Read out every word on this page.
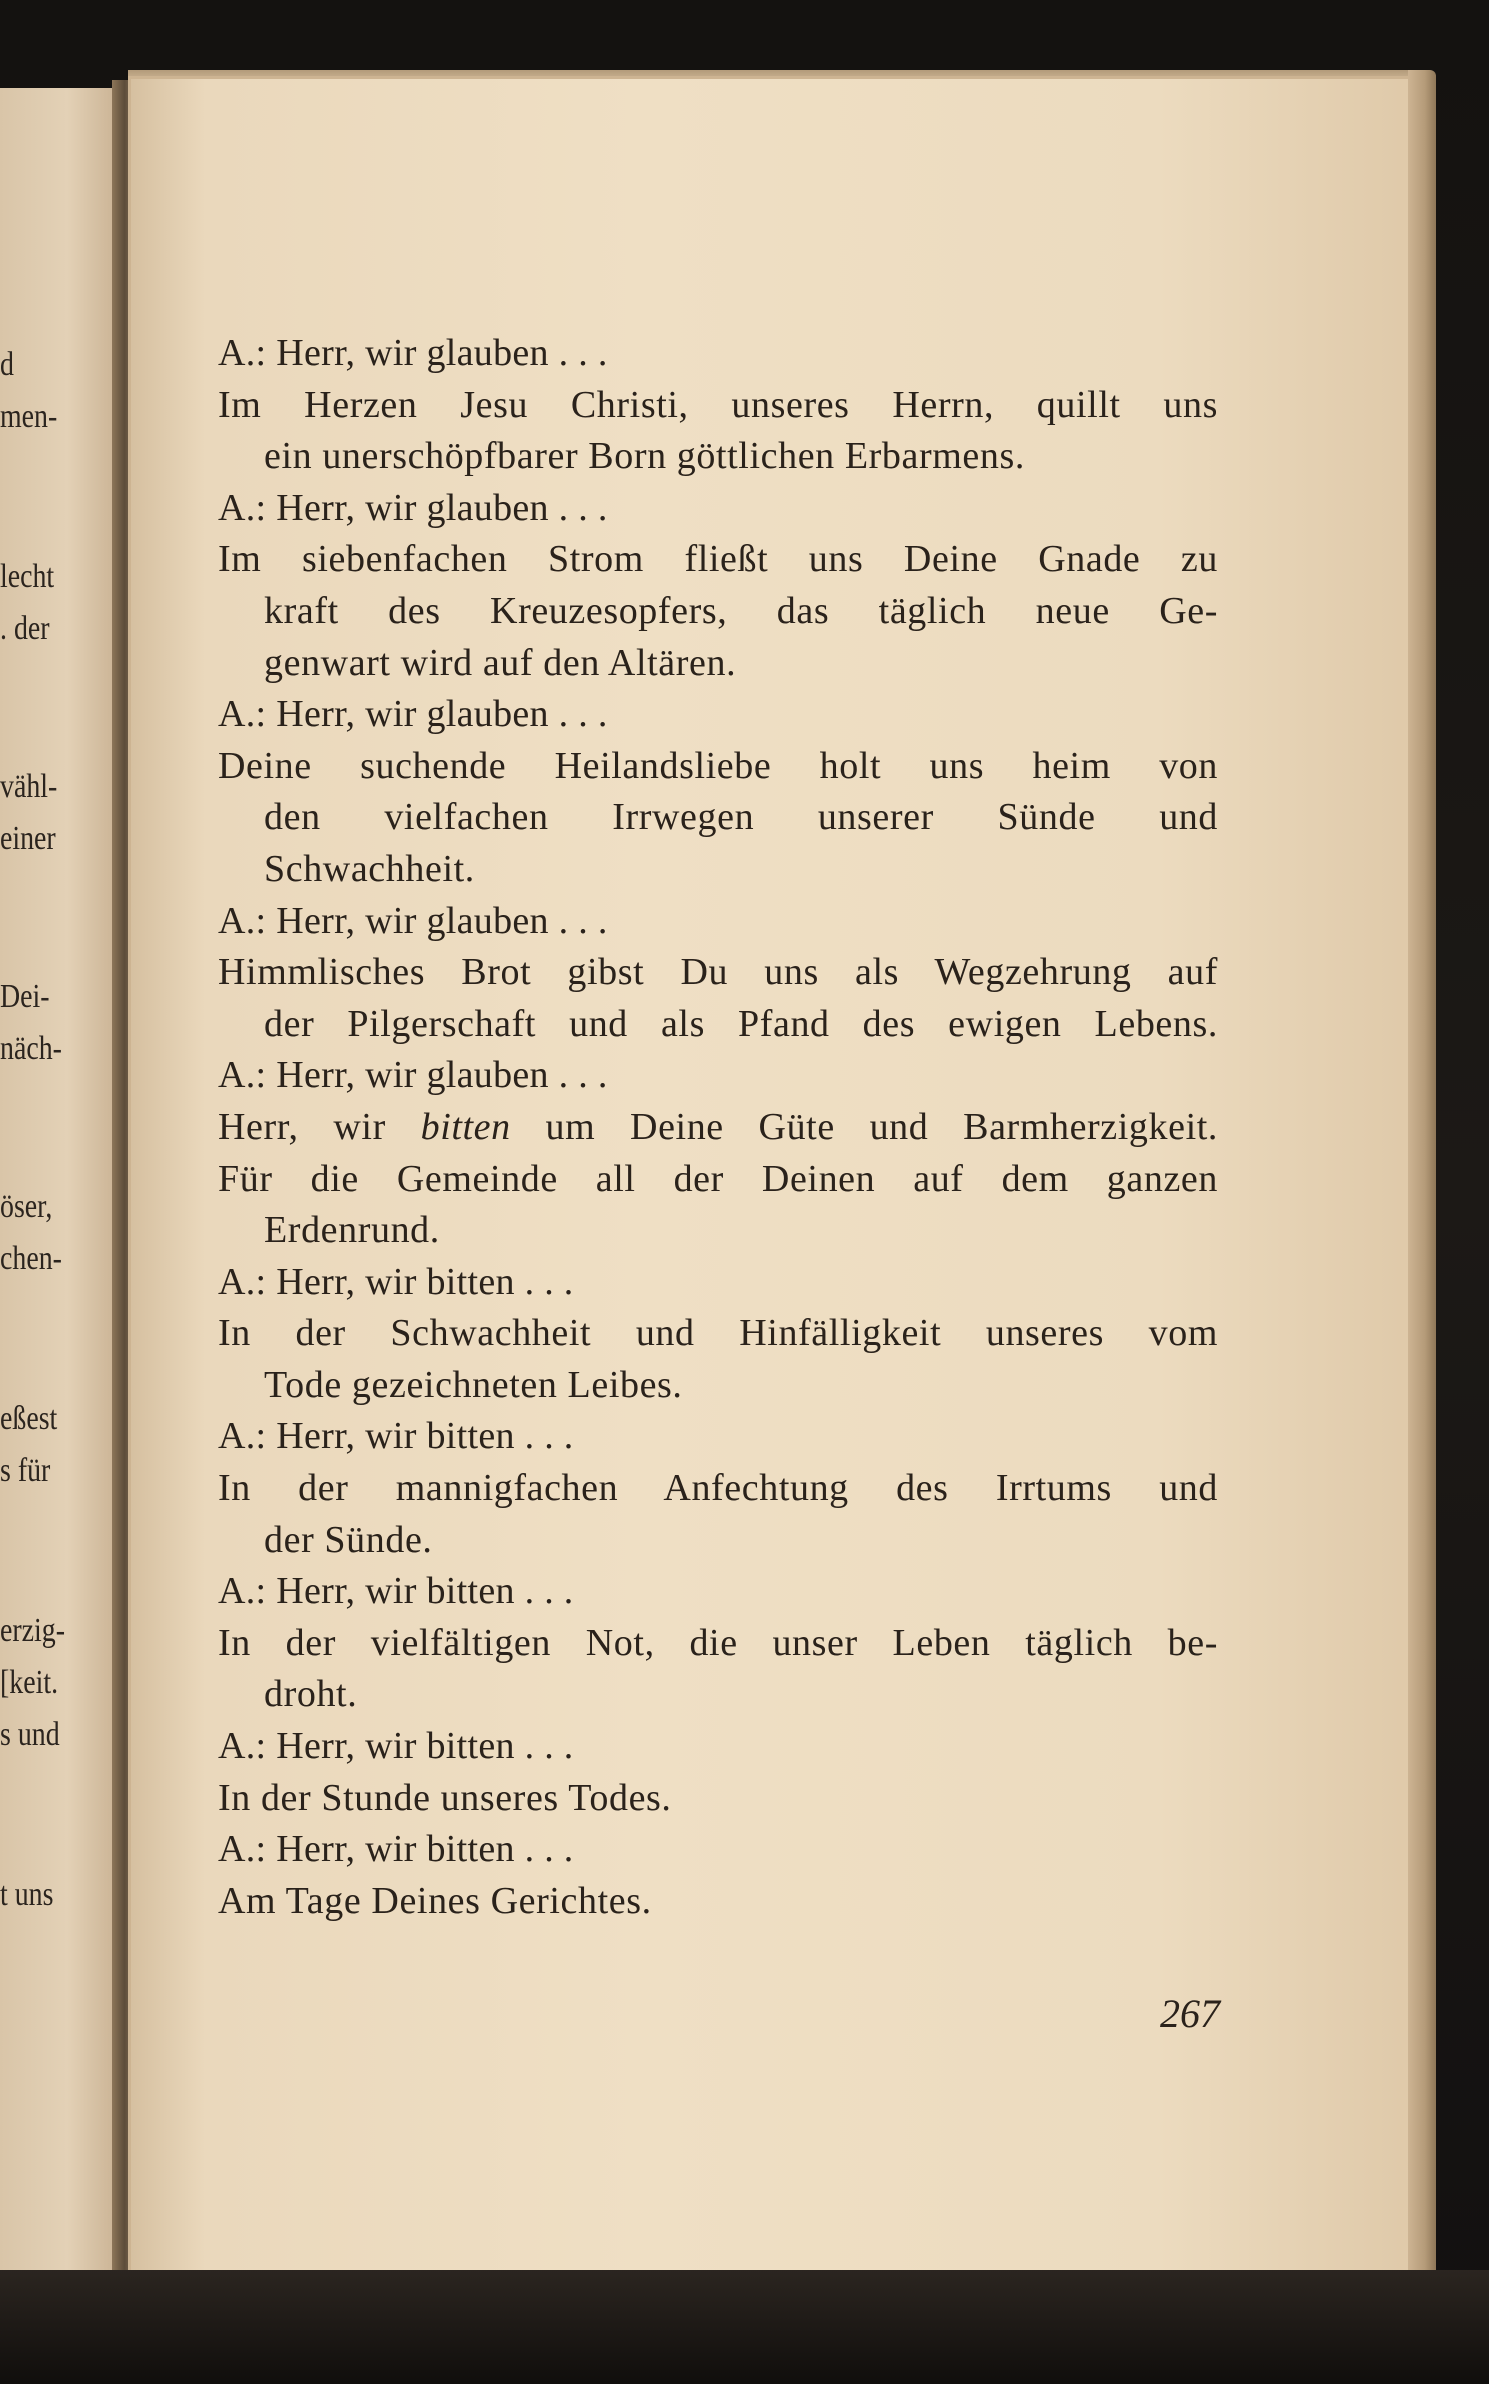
d
men-
lecht
. der
vähl-
einer
Dei-
näch-
öser,
chen-
eßest
s für
erzig-
[keit.
s und
t uns
A.: Herr, wir glauben . . .
Im Herzen Jesu Christi, unseres Herrn, quillt uns
ein unerschöpfbarer Born göttlichen Erbarmens.
A.: Herr, wir glauben . . .
Im siebenfachen Strom fließt uns Deine Gnade zu
kraft des Kreuzesopfers, das täglich neue Ge-
genwart wird auf den Altären.
A.: Herr, wir glauben . . .
Deine suchende Heilandsliebe holt uns heim von
den vielfachen Irrwegen unserer Sünde und
Schwachheit.
A.: Herr, wir glauben . . .
Himmlisches Brot gibst Du uns als Wegzehrung auf
der Pilgerschaft und als Pfand des ewigen Lebens.
A.: Herr, wir glauben . . .
Herr, wir bitten um Deine Güte und Barmherzigkeit.
Für die Gemeinde all der Deinen auf dem ganzen
Erdenrund.
A.: Herr, wir bitten . . .
In der Schwachheit und Hinfälligkeit unseres vom
Tode gezeichneten Leibes.
A.: Herr, wir bitten . . .
In der mannigfachen Anfechtung des Irrtums und
der Sünde.
A.: Herr, wir bitten . . .
In der vielfältigen Not, die unser Leben täglich be-
droht.
A.: Herr, wir bitten . . .
In der Stunde unseres Todes.
A.: Herr, wir bitten . . .
Am Tage Deines Gerichtes.
267
